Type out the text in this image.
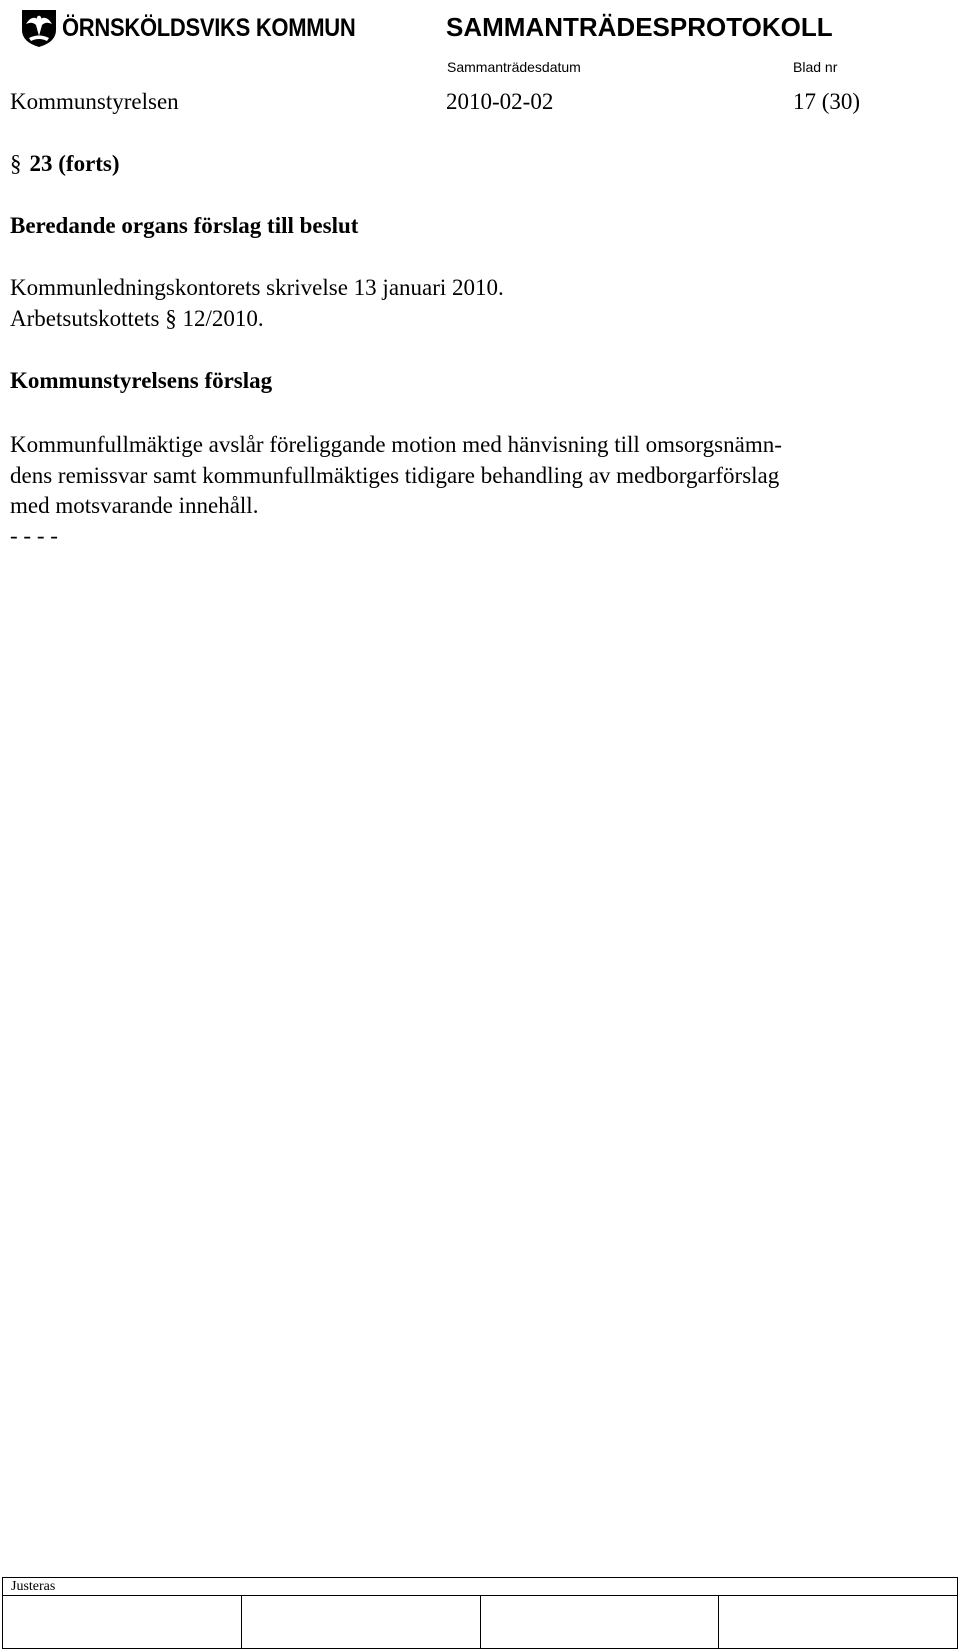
ÖRNSKÖLDSVIKS KOMMUN	SAMMANTRÄDESPROTOKOLL
Sammanträdesdatum	Blad nr
Kommunstyrelsen	2010-02-02	17 (30)
§ 23 (forts)
Beredande organs förslag till beslut
Kommunledningskontorets skrivelse 13 januari 2010.
Arbetsutskottets § 12/2010.
Kommunstyrelsens förslag
Kommunfullmäktige avslår föreliggande motion med hänvisning till omsorgsnämn-
dens remissvar samt kommunfullmäktiges tidigare behandling av medborgarförslag
med motsvarande innehåll.
- - - -
Justeras
